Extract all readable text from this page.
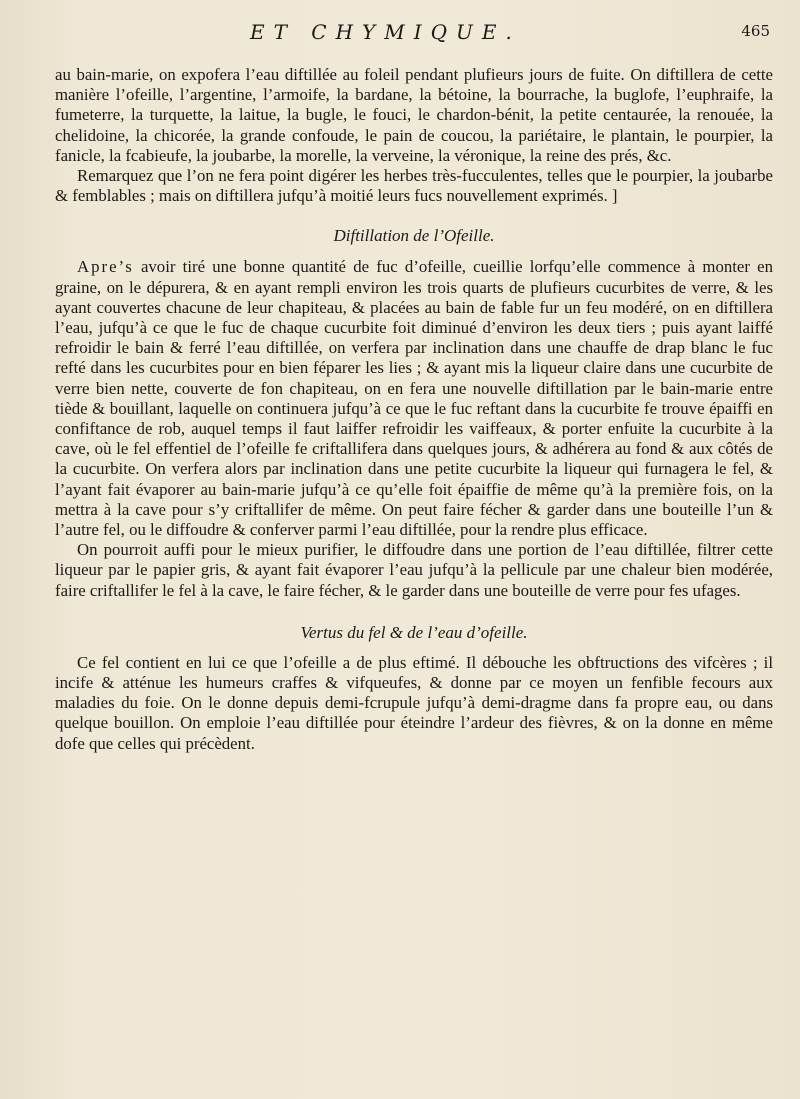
ET CHYMIQUE.	465

au bain-marie, on expofera l’eau diftillée au foleil pendant plufieurs jours de fuite. On diftillera de cette manière l’ofeille, l’argentine, l’armoife, la bardane, la bétoine, la bourrache, la buglofe, l’euphraife, la fumeterre, la turquette, la laitue, la bugle, le fouci, le chardon-bénit, la petite centaurée, la renouée, la chelidoine, la chicorée, la grande confoude, le pain de coucou, la pariétaire, le plantain, le pourpier, la fanicle, la fcabieufe, la joubarbe, la morelle, la verveine, la véronique, la reine des prés, &c.

Remarquez que l’on ne fera point digérer les herbes très-fucculentes, telles que le pourpier, la joubarbe & femblables ; mais on diftillera jufqu’à moitié leurs fucs nouvellement exprimés. ]

Diftillation de l’Ofeille.

Apre’s avoir tiré une bonne quantité de fuc d’ofeille, cueillie lorfqu’elle commence à monter en graine, on le dépurera, & en ayant rempli environ les trois quarts de plufieurs cucurbites de verre, & les ayant couvertes chacune de leur chapiteau, & placées au bain de fable fur un feu modéré, on en diftillera l’eau, jufqu’à ce que le fuc de chaque cucurbite foit diminué d’environ les deux tiers ; puis ayant laiffé refroidir le bain & ferré l’eau diftillée, on verfera par inclination dans une chauffe de drap blanc le fuc refté dans les cucurbites pour en bien féparer les lies ; & ayant mis la liqueur claire dans une cucurbite de verre bien nette, couverte de fon chapiteau, on en fera une nouvelle diftillation par le bain-marie entre tiède & bouillant, laquelle on continuera jufqu’à ce que le fuc reftant dans la cucurbite fe trouve épaiffi en confiftance de rob, auquel temps il faut laiffer refroidir les vaiffeaux, & porter enfuite la cucurbite à la cave, où le fel effentiel de l’ofeille fe criftallifera dans quelques jours, & adhérera au fond & aux côtés de la cucurbite. On verfera alors par inclination dans une petite cucurbite la liqueur qui furnagera le fel, & l’ayant fait évaporer au bain-marie jufqu’à ce qu’elle foit épaiffie de même qu’à la première fois, on la mettra à la cave pour s’y criftallifer de même. On peut faire fécher & garder dans une bouteille l’un & l’autre fel, ou le diffoudre & conferver parmi l’eau diftillée, pour la rendre plus efficace.

On pourroit auffi pour le mieux purifier, le diffoudre dans une portion de l’eau diftillée, filtrer cette liqueur par le papier gris, & ayant fait évaporer l’eau jufqu’à la pellicule par une chaleur bien modérée, faire criftallifer le fel à la cave, le faire fécher, & le garder dans une bouteille de verre pour fes ufages.

Vertus du fel & de l’eau d’ofeille.

Ce fel contient en lui ce que l’ofeille a de plus eftimé. Il débouche les obftructions des vifcères ; il incife & atténue les humeurs craffes & vifqueufes, & donne par ce moyen un fenfible fecours aux maladies du foie. On le donne depuis demi-fcrupule jufqu’à demi-dragme dans fa propre eau, ou dans quelque bouillon. On emploie l’eau diftillée pour éteindre l’ardeur des fièvres, & on la donne en même dofe que celles qui précèdent.
